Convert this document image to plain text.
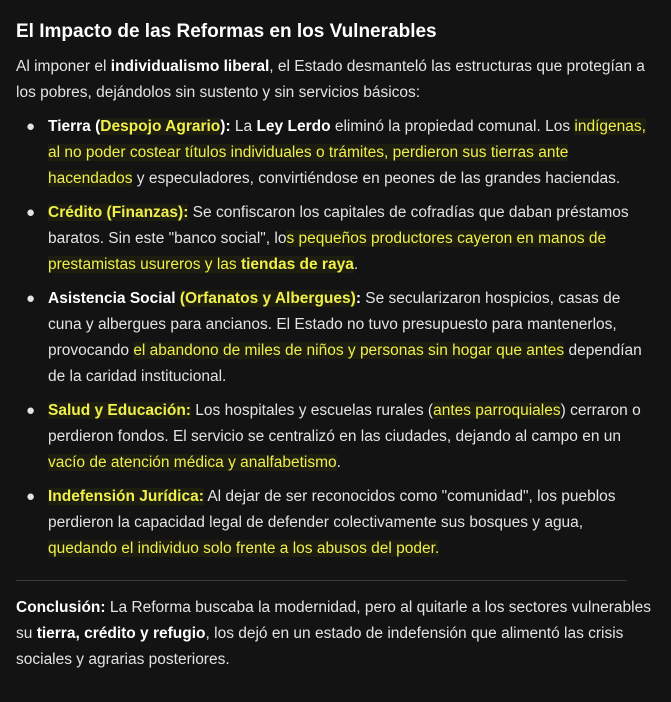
El Impacto de las Reformas en los Vulnerables

Al imponer el individualismo liberal, el Estado desmanteló las estructuras que protegían a los pobres, dejándolos sin sustento y sin servicios básicos:

● Tierra (Despojo Agrario): La Ley Lerdo eliminó la propiedad comunal. Los indígenas, al no poder costear títulos individuales o trámites, perdieron sus tierras ante hacendados y especuladores, convirtiéndose en peones de las grandes haciendas.
● Crédito (Finanzas): Se confiscaron los capitales de cofradías que daban préstamos baratos. Sin este "banco social", los pequeños productores cayeron en manos de prestamistas usureros y las tiendas de raya.
● Asistencia Social (Orfanatos y Albergues): Se secularizaron hospicios, casas de cuna y albergues para ancianos. El Estado no tuvo presupuesto para mantenerlos, provocando el abandono de miles de niños y personas sin hogar que antes dependían de la caridad institucional.
● Salud y Educación: Los hospitales y escuelas rurales (antes parroquiales) cerraron o perdieron fondos. El servicio se centralizó en las ciudades, dejando al campo en un vacío de atención médica y analfabetismo.
● Indefensión Jurídica: Al dejar de ser reconocidos como "comunidad", los pueblos perdieron la capacidad legal de defender colectivamente sus bosques y agua, quedando el individuo solo frente a los abusos del poder.

Conclusión: La Reforma buscaba la modernidad, pero al quitarle a los sectores vulnerables su tierra, crédito y refugio, los dejó en un estado de indefensión que alimentó las crisis sociales y agrarias posteriores.
